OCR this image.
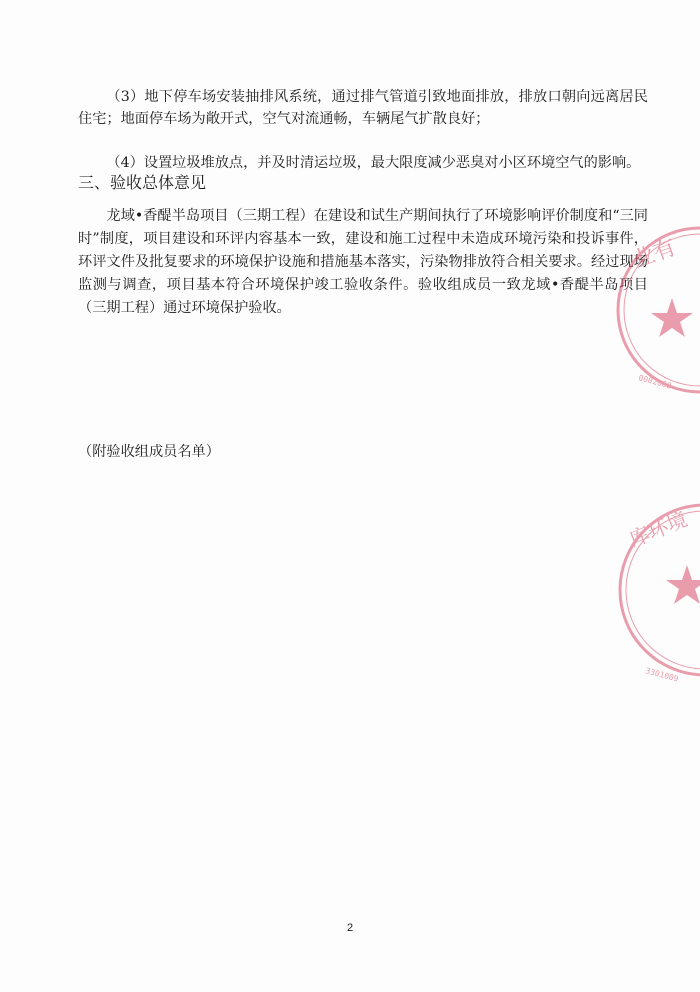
（3）地下停车场安装抽排风系统，通过排气管道引致地面排放，排放口朝向远离居民住宅；地面停车场为敞开式，空气对流通畅，车辆尾气扩散良好；

（4）设置垃圾堆放点，并及时清运垃圾，最大限度减少恶臭对小区环境空气的影响。

三、验收总体意见

龙域•香醍半岛项目（三期工程）在建设和试生产期间执行了环境影响评价制度和“三同时”制度，项目建设和环评内容基本一致，建设和施工过程中未造成环境污染和投诉事件，环评文件及批复要求的环境保护设施和措施基本落实，污染物排放符合相关要求。经过现场监测与调查，项目基本符合环境保护竣工验收条件。验收组成员一致龙域•香醍半岛项目（三期工程）通过环境保护验收。

（附验收组成员名单）

业有
0002068
库环境
3301009
2
